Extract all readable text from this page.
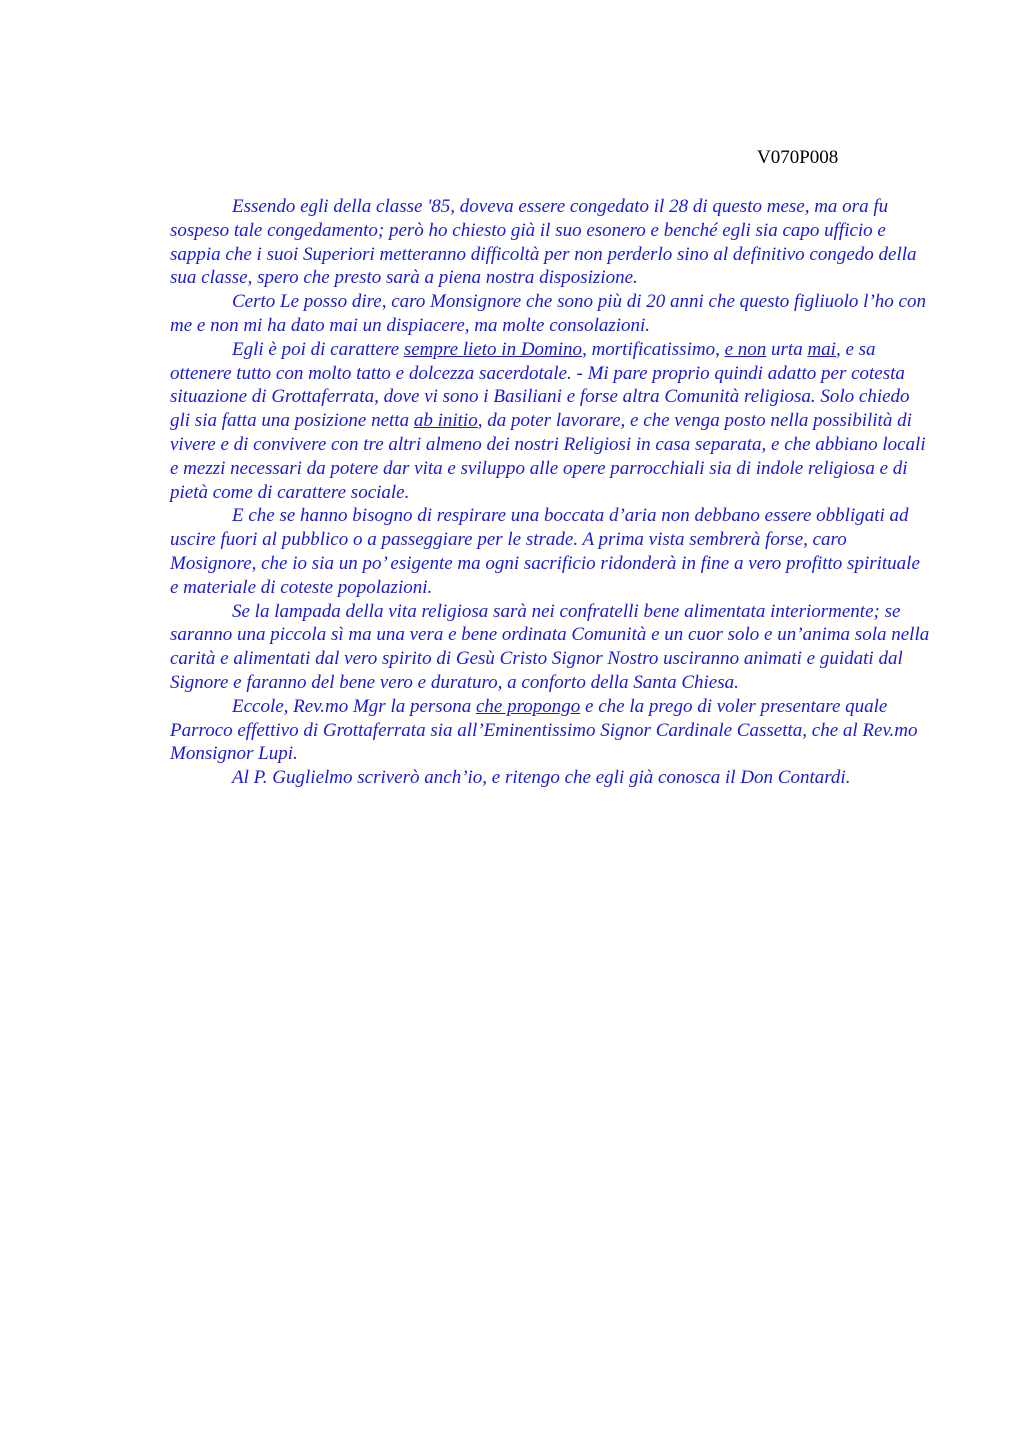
V070P008

Essendo egli della classe '85, doveva essere congedato il 28 di questo mese, ma ora fu sospeso tale congedamento; però ho chiesto già il suo esonero e benché egli sia capo ufficio e sappia che i suoi Superiori metteranno difficoltà per non perderlo sino al definitivo congedo della sua classe, spero che presto sarà a piena nostra disposizione.

Certo Le posso dire, caro Monsignore che sono più di 20 anni che questo figliuolo l’ho con me e non mi ha dato mai un dispiacere, ma molte consolazioni.

Egli è poi di carattere sempre lieto in Domino, mortificatissimo, e non urta mai, e sa ottenere tutto con molto tatto e dolcezza sacerdotale. - Mi pare proprio quindi adatto per cotesta situazione di Grottaferrata, dove vi sono i Basiliani e forse altra Comunità religiosa. Solo chiedo gli sia fatta una posizione netta ab initio, da poter lavorare, e che venga posto nella possibilità di vivere e di convivere con tre altri almeno dei nostri Religiosi in casa separata, e che abbiano locali e mezzi necessari da potere dar vita e sviluppo alle opere parrocchiali sia di indole religiosa e di pietà come di carattere sociale.

E che se hanno bisogno di respirare una boccata d’aria non debbano essere obbligati ad uscire fuori al pubblico o a passeggiare per le strade. A prima vista sembrerà forse, caro Mosignore, che io sia un po’ esigente ma ogni sacrificio ridonderà in fine a vero profitto spirituale e materiale di coteste popolazioni.

Se la lampada della vita religiosa sarà nei confratelli bene alimentata interiormente; se saranno una piccola sì ma una vera e bene ordinata Comunità e un cuor solo e un’anima sola nella carità e alimentati dal vero spirito di Gesù Cristo Signor Nostro usciranno animati e guidati dal Signore e faranno del bene vero e duraturo, a conforto della Santa Chiesa.

Eccole, Rev.mo Mgr la persona che propongo e che la prego di voler presentare quale Parroco effettivo di Grottaferrata sia all’Eminentissimo Signor Cardinale Cassetta, che al Rev.mo Monsignor Lupi.

Al P. Guglielmo scriverò anch’io, e ritengo che egli già conosca il Don Contardi.
